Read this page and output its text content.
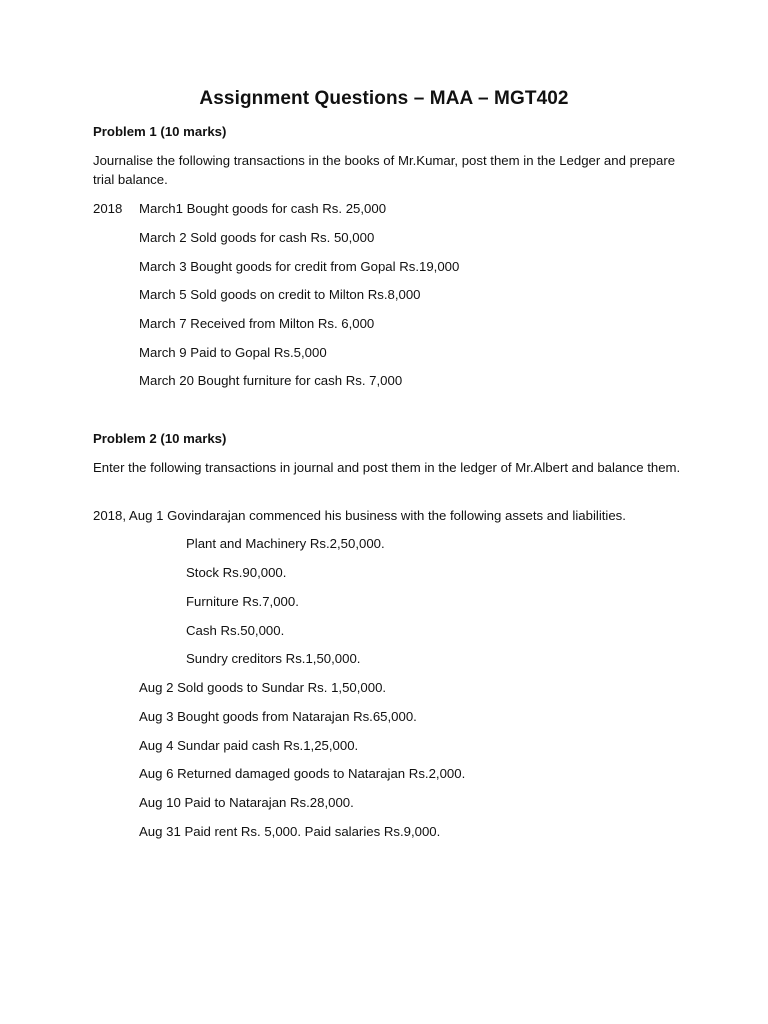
Assignment Questions – MAA – MGT402
Problem 1 (10 marks)
Journalise the following transactions in the books of Mr.Kumar, post them in the Ledger and prepare trial balance.
2018 March1 Bought goods for cash Rs. 25,000
March 2 Sold goods for cash Rs. 50,000
March 3 Bought goods for credit from Gopal Rs.19,000
March 5 Sold goods on credit to Milton Rs.8,000
March 7 Received from Milton Rs. 6,000
March 9 Paid to Gopal Rs.5,000
March 20 Bought furniture for cash Rs. 7,000
Problem 2 (10 marks)
Enter the following transactions in journal and post them in the ledger of Mr.Albert and balance them.
2018, Aug 1 Govindarajan commenced his business with the following assets and liabilities.
Plant and Machinery Rs.2,50,000.
Stock Rs.90,000.
Furniture Rs.7,000.
Cash Rs.50,000.
Sundry creditors Rs.1,50,000.
Aug 2 Sold goods to Sundar Rs. 1,50,000.
Aug 3 Bought goods from Natarajan Rs.65,000.
Aug 4 Sundar paid cash Rs.1,25,000.
Aug 6 Returned damaged goods to Natarajan Rs.2,000.
Aug 10 Paid to Natarajan Rs.28,000.
Aug 31 Paid rent Rs. 5,000. Paid salaries Rs.9,000.
